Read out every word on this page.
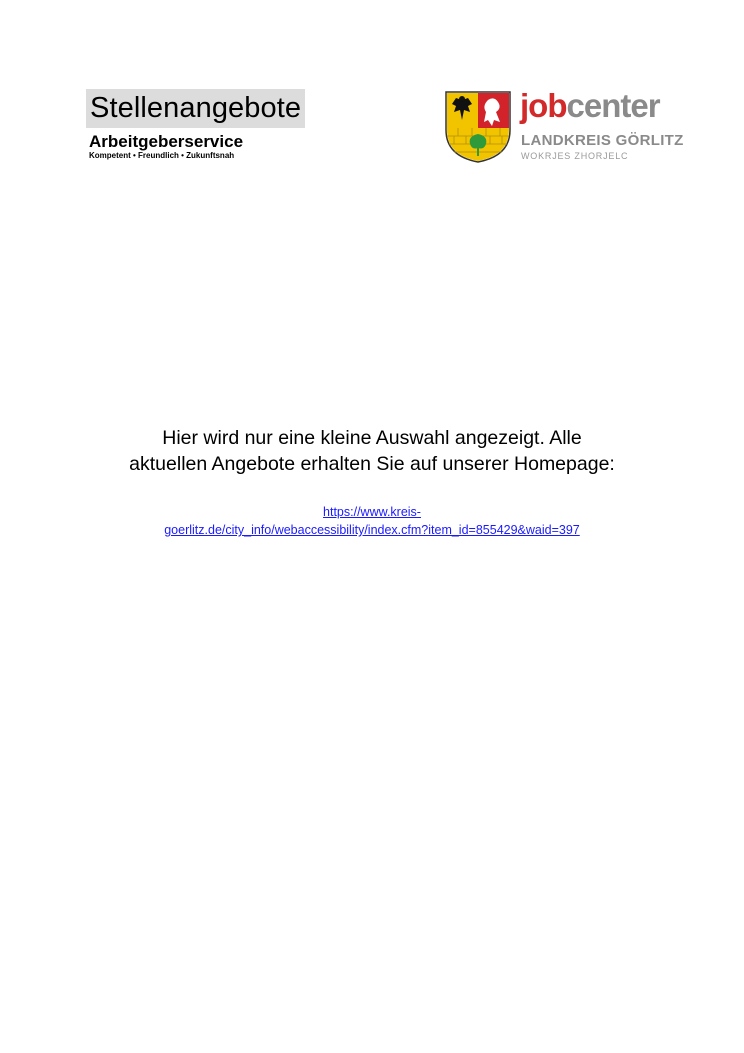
Stellenangebote
Arbeitgeberservice
Kompetent • Freundlich • Zukunftsnah
jobcenter
LANDKREIS GÖRLITZ
WOKRJES ZHORJELC
Hier wird nur eine kleine Auswahl angezeigt. Alle
aktuellen Angebote erhalten Sie auf unserer Homepage:
https://www.kreis-
goerlitz.de/city_info/webaccessibility/index.cfm?item_id=855429&waid=397
